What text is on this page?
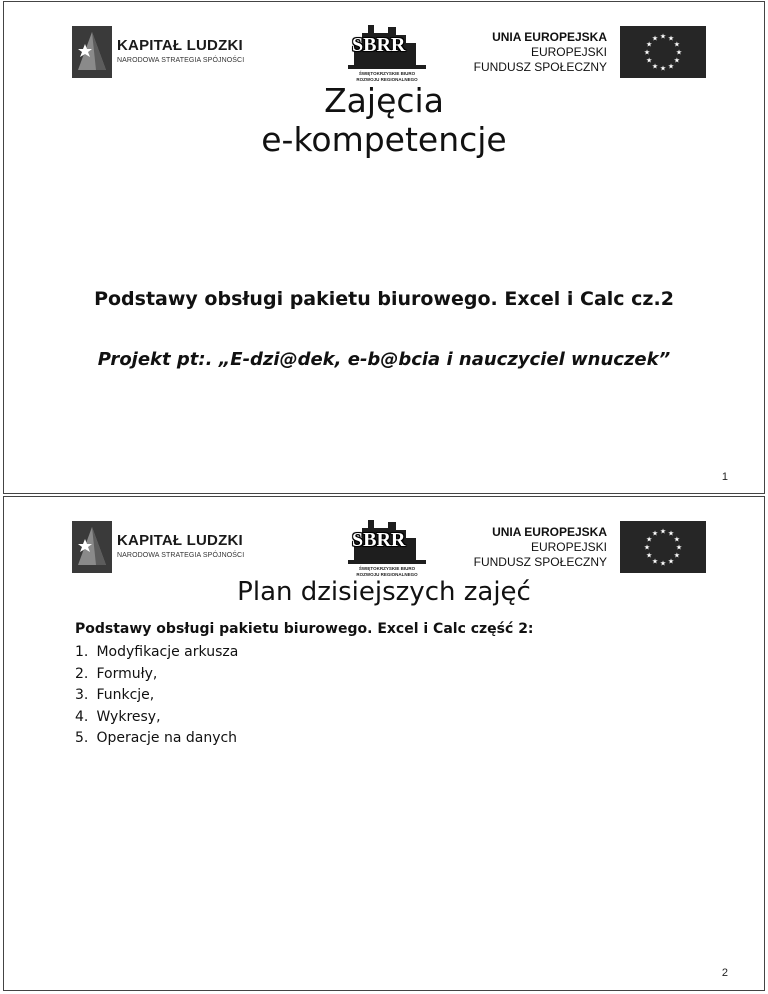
KAPITAŁ LUDZKI
NARODOWA STRATEGIA SPÓJNOŚCI
SBRR
ŚWIĘTOKRZYSKIE BIURO
ROZWOJU REGIONALNEGO
UNIA EUROPEJSKA
EUROPEJSKI
FUNDUSZ SPOŁECZNY
★ ★
★
★
★
★
★
★
★
★
★
★
Zajęcia
e-kompetencje
Podstawy obsługi pakietu biurowego. Excel i Calc cz.2
Projekt pt:. „E-dzi@dek, e-b@bcia i nauczyciel wnuczek”
1
KAPITAŁ LUDZKI
NARODOWA STRATEGIA SPÓJNOŚCI
SBRR
ŚWIĘTOKRZYSKIE BIURO
ROZWOJU REGIONALNEGO
UNIA EUROPEJSKA
EUROPEJSKI
FUNDUSZ SPOŁECZNY
★ ★
★
★
★
★
★
★
★
★
★
★
Plan dzisiejszych zajęć
Podstawy obsługi pakietu biurowego. Excel i Calc część 2:
1. Modyfikacje arkusza
2. Formuły,
3. Funkcje,
4. Wykresy,
5. Operacje na danych
2
